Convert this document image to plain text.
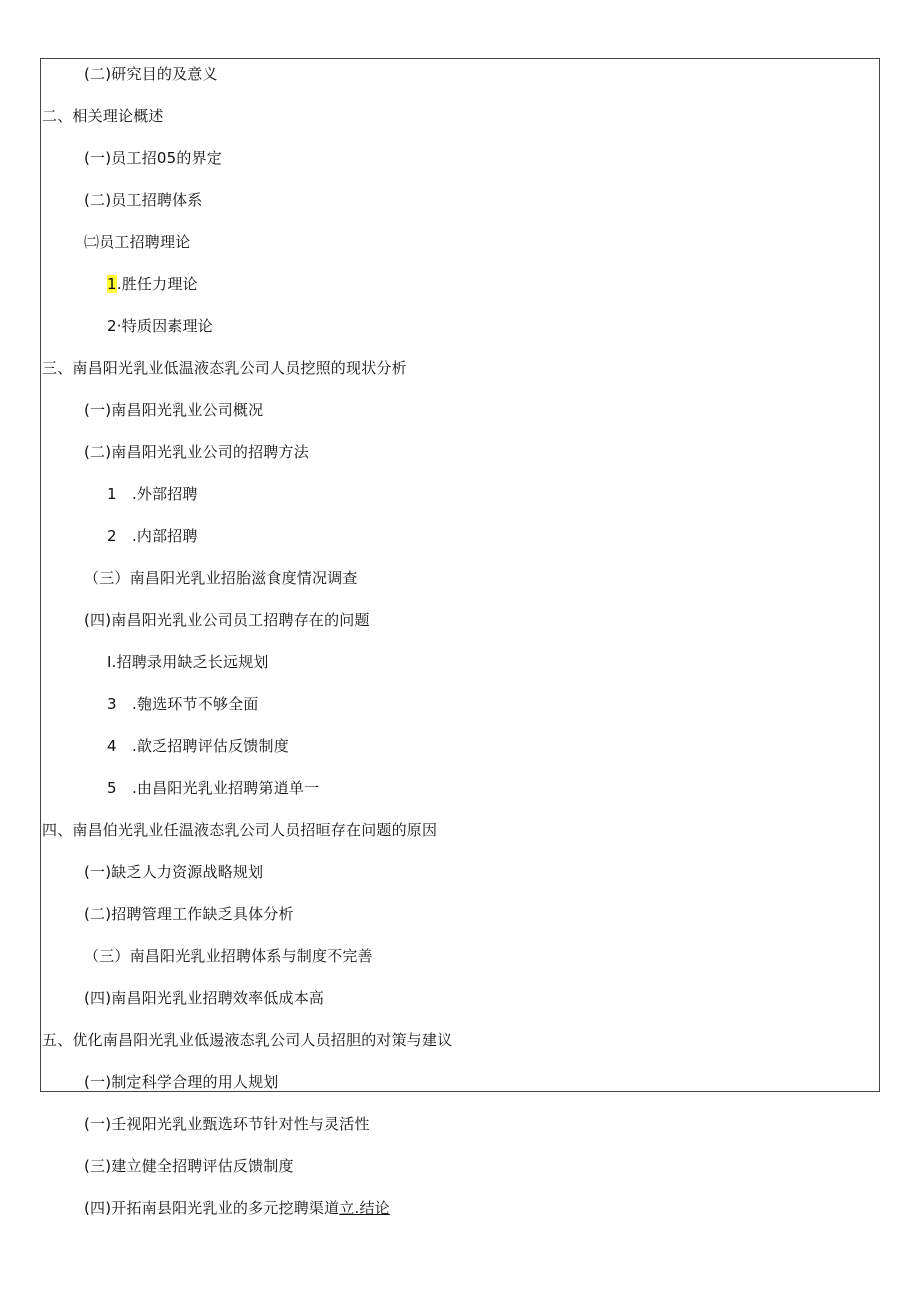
(二)研究目的及意义
二、相关理论概述
(一)员工招05的界定
(二)员工招聘体系
㈡员工招聘理论
1.胜任力理论
2·特质因素理论
三、南昌阳光乳业低温液态乳公司人员挖照的现状分析
(一)南昌阳光乳业公司概况
(二)南昌阳光乳业公司的招聘方法
1　.外部招聘
2　.内部招聘
（三）南昌阳光乳业招胎滋食度情况调查
(四)南昌阳光乳业公司员工招聘存在的问题
I.招聘录用缺乏长远规划
3　.匏选环节不够全面
4　.歆乏招聘评估反馈制度
5　.由昌阳光乳业招聘第逍单一
四、南昌伯光乳业任温液态乳公司人员招晅存在问题的原因
(一)缺乏人力资源战略规划
(二)招聘管理工作缺乏具体分析
（三）南昌阳光乳业招聘体系与制度不完善
(四)南昌阳光乳业招聘效率低成本高
五、优化南昌阳光乳业低逿液态乳公司人员招胆的对策与建议
(一)制定科学合理的用人规划
(一)壬视阳光乳业甄选环节针对性与灵活性
(三)建立健全招聘评估反馈制度
(四)开拓南县阳光乳业的多元挖聘渠道立.结论
